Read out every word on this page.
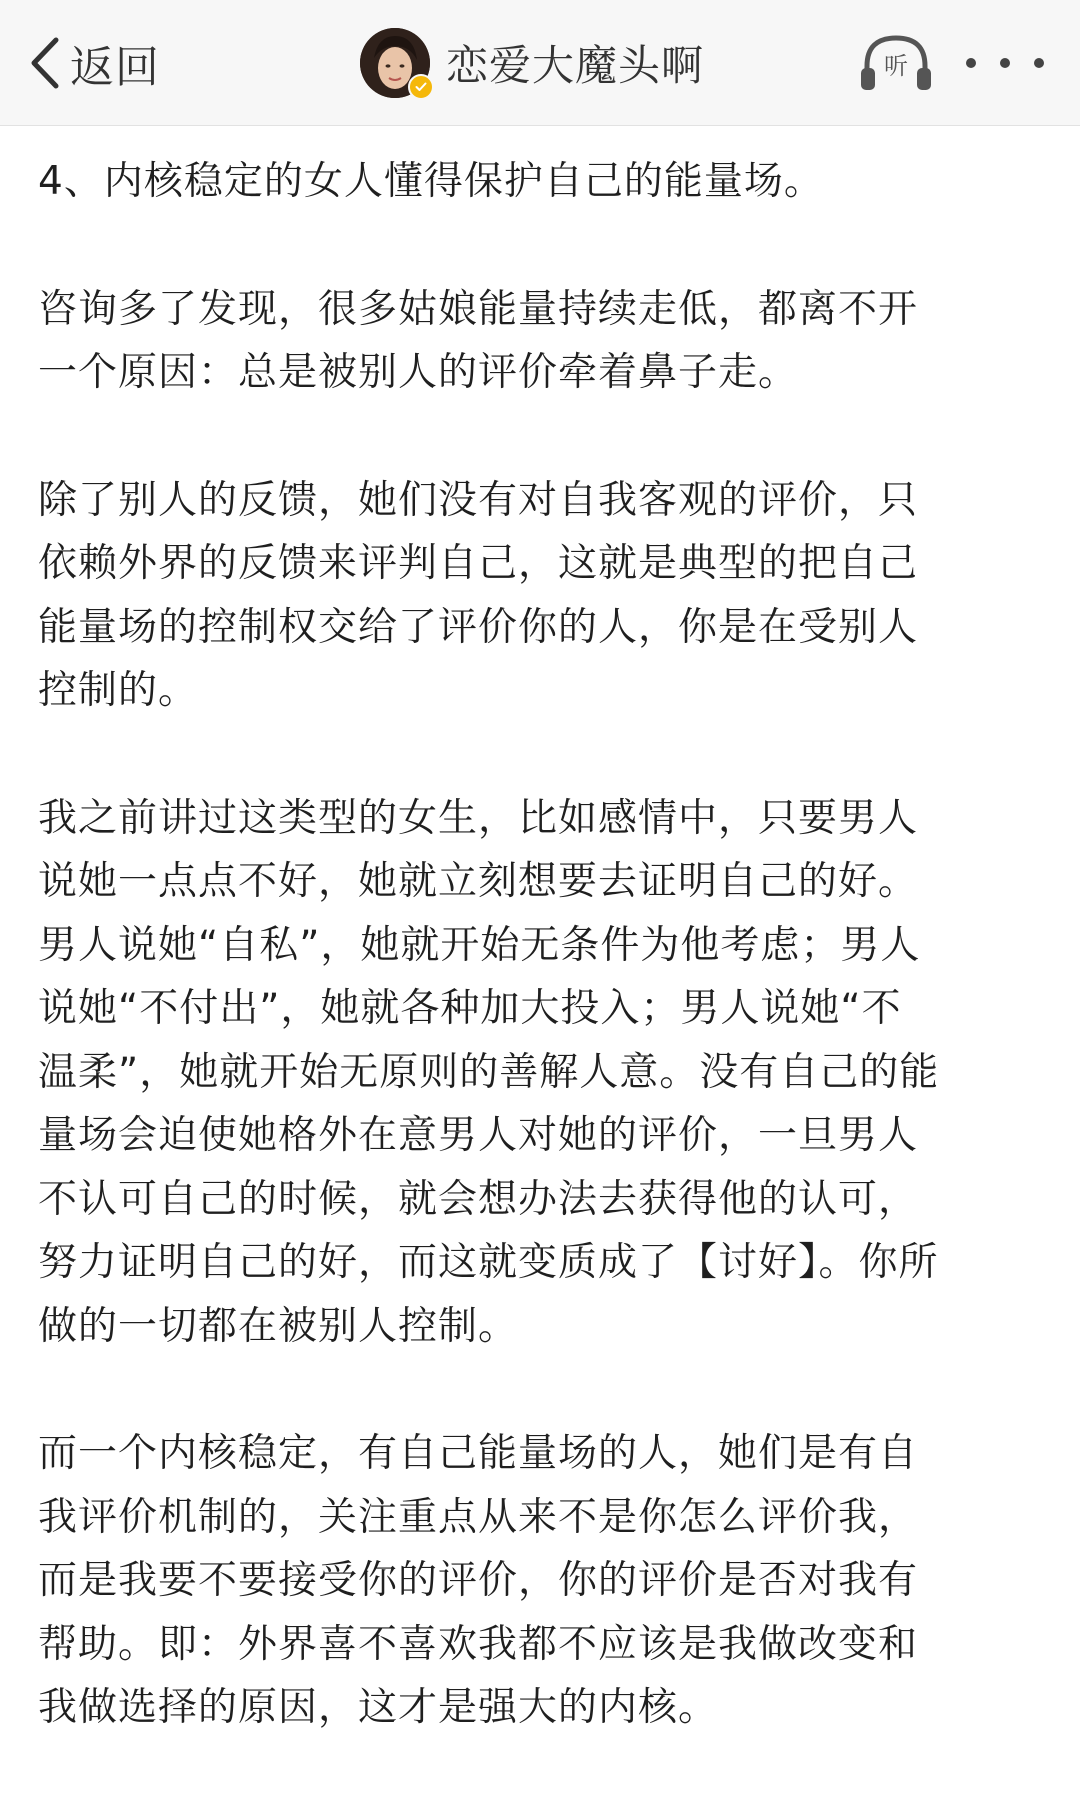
返回	恋爱大魔头啊	听

4、内核稳定的女人懂得保护自己的能量场。

咨询多了发现，很多姑娘能量持续走低，都离不开
一个原因：总是被别人的评价牵着鼻子走。

除了别人的反馈，她们没有对自我客观的评价，只
依赖外界的反馈来评判自己，这就是典型的把自己
能量场的控制权交给了评价你的人，你是在受别人
控制的。

我之前讲过这类型的女生，比如感情中，只要男人
说她一点点不好，她就立刻想要去证明自己的好。
男人说她“自私”，她就开始无条件为他考虑；男人
说她“不付出”，她就各种加大投入；男人说她“不
温柔”，她就开始无原则的善解人意。没有自己的能
量场会迫使她格外在意男人对她的评价，一旦男人
不认可自己的时候，就会想办法去获得他的认可，
努力证明自己的好，而这就变质成了【讨好】。你所
做的一切都在被别人控制。

而一个内核稳定，有自己能量场的人，她们是有自
我评价机制的，关注重点从来不是你怎么评价我，
而是我要不要接受你的评价，你的评价是否对我有
帮助。即：外界喜不喜欢我都不应该是我做改变和
我做选择的原因，这才是强大的内核。
